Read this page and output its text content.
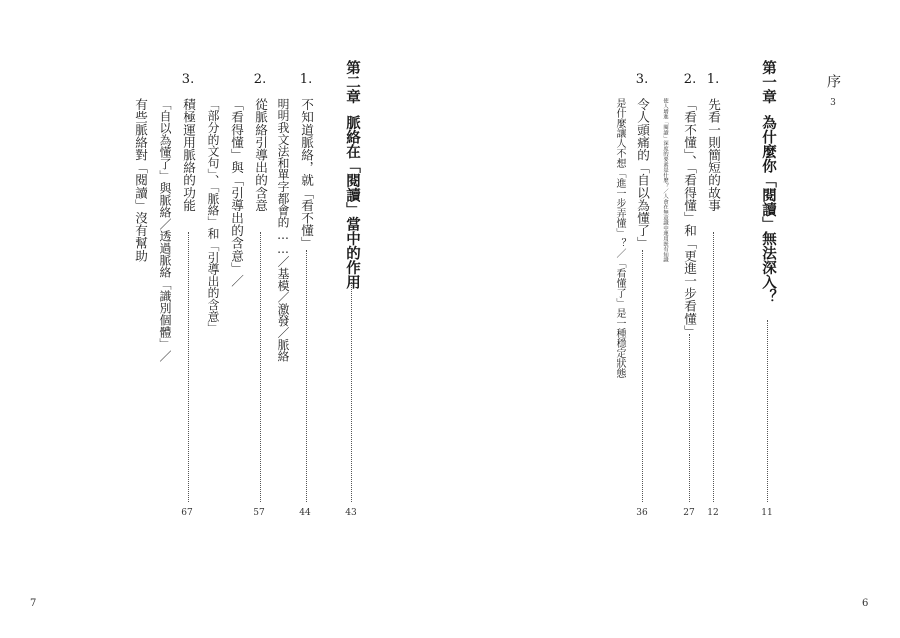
序
3
第一章
為什麼你「閱讀」無法深入？
11
1.
先看一則簡短的故事
12
2.
「看不懂」、「看得懂」和「更進一步看懂」
使人增進「閱讀」深度的要素是什麼？／人會在無意識中運用既有知識
27
3.
令人頭痛的「自以為懂了」
是什麼讓人不想「進一步弄懂」？／「看懂了」是一種穩定狀態
36
6
第二章
脈絡在「閱讀」當中的作用
43
1.
不知道脈絡，就「看不懂」
明明我文法和單字都會的……／基模／激發／脈絡
44
2.
從脈絡引導出的含意
「看得懂」與「引導出的含意」／
「部分的文句」、「脈絡」和「引導出的含意」
57
3.
積極運用脈絡的功能
「自以為懂了」與脈絡／透過脈絡「識別個體」／
有些脈絡對「閱讀」沒有幫助
67
7
